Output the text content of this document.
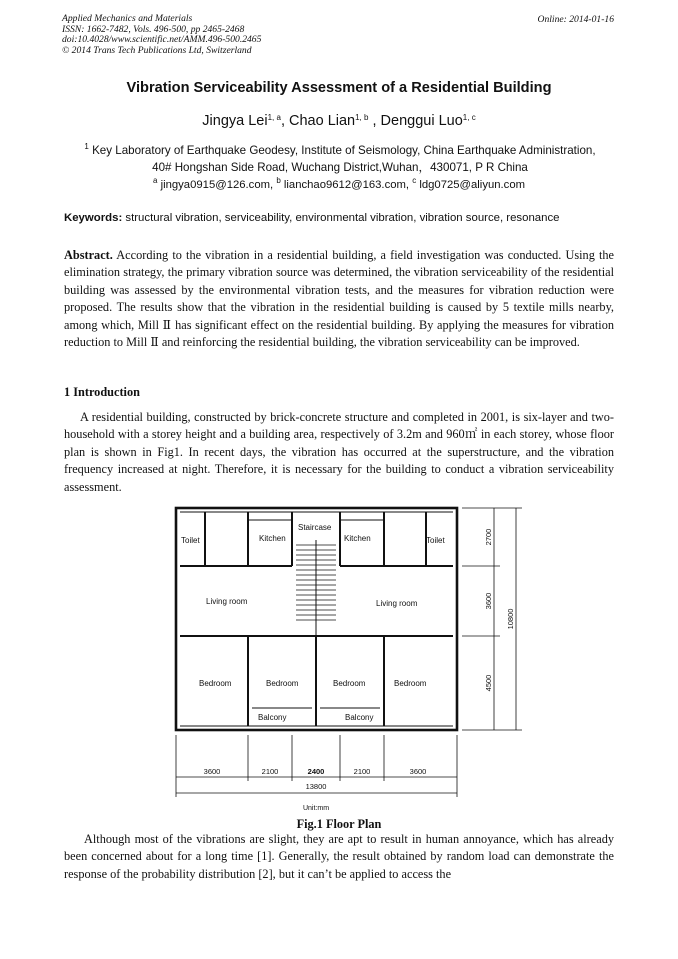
Applied Mechanics and Materials
ISSN: 1662-7482, Vols. 496-500, pp 2465-2468
doi:10.4028/www.scientific.net/AMM.496-500.2465
© 2014 Trans Tech Publications Ltd, Switzerland
Online: 2014-01-16
Vibration Serviceability Assessment of a Residential Building
Jingya Lei$^{1, a}$, Chao Lian$^{1, b}$ , Denggui Luo$^{1, c}$
$^1$ Key Laboratory of Earthquake Geodesy, Institute of Seismology, China Earthquake Administration,
40# Hongshan Side Road, Wuchang District,Wuhan，430071, P R China
$^a$ jingya0915@126.com, $^b$ lianchao9612@163.com, $^c$ ldg0725@aliyun.com
Keywords: structural vibration, serviceability, environmental vibration, vibration source, resonance
Abstract. According to the vibration in a residential building, a field investigation was conducted. Using the elimination strategy, the primary vibration source was determined, the vibration serviceability of the residential building was assessed by the environmental vibration tests, and the measures for vibration reduction were proposed. The results show that the vibration in the residential building is caused by 5 textile mills nearby, among which, Mill Ⅱ has significant effect on the residential building. By applying the measures for vibration reduction to Mill Ⅱ and reinforcing the residential building, the vibration serviceability can be improved.
1 Introduction
A residential building, constructed by brick-concrete structure and completed in 2001, is six-layer and two-household with a storey height and a building area, respectively of 3.2m and 960㎡ in each storey, whose floor plan is shown in Fig1. In recent days, the vibration has occurred at the superstructure, and the vibration frequency increased at night. Therefore, it is necessary for the building to conduct a vibration serviceability assessment.
Toilet	Kitchen
Staircase
Kitchen	Toilet
Living room	Living room
Bedroom	Bedroom	Bedroom	Bedroom
Balcony	Balcony
3600	2100	2400	2100	3600
13800
2700
3600
4500
10800
Unit:mm
Fig.1 Floor Plan
Although most of the vibrations are slight, they are apt to result in human annoyance, which has already been concerned about for a long time [1]. Generally, the result obtained by random load can demonstrate the response of the probability distribution [2], but it can’t be applied to access the
